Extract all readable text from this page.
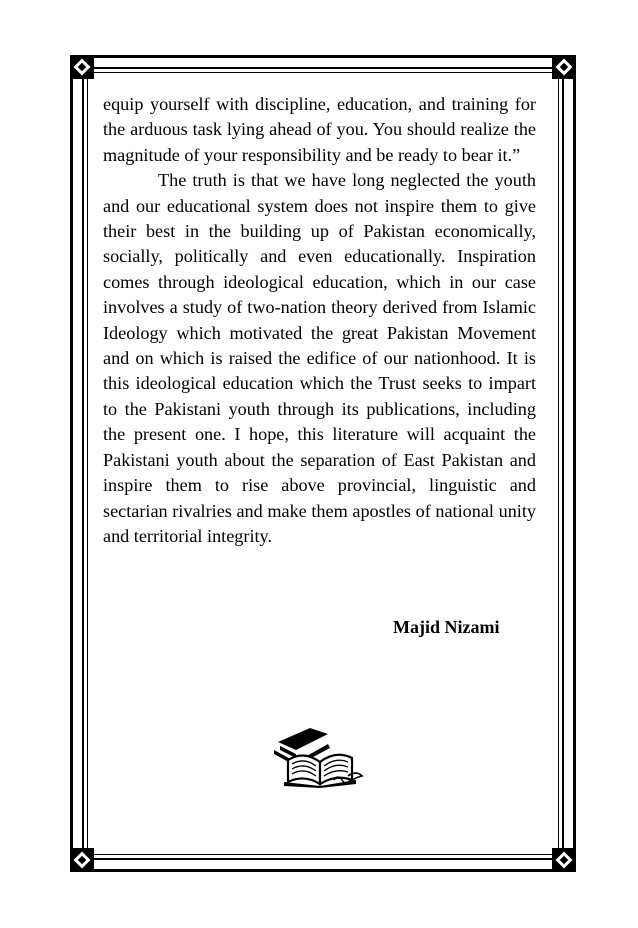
equip yourself with discipline, education, and training for the arduous task lying ahead of you. You should realize the magnitude of your responsibility and be ready to bear it.”

The truth is that we have long neglected the youth and our educational system does not inspire them to give their best in the building up of Pakistan economically, socially, politically and even educationally. Inspiration comes through ideological education, which in our case involves a study of two-nation theory derived from Islamic Ideology which motivated the great Pakistan Movement and on which is raised the edifice of our nationhood. It is this ideological education which the Trust seeks to impart to the Pakistani youth through its publications, including the present one. I hope, this literature will acquaint the Pakistani youth about the separation of East Pakistan and inspire them to rise above provincial, linguistic and sectarian rivalries and make them apostles of national unity and territorial integrity.

Majid Nizami
